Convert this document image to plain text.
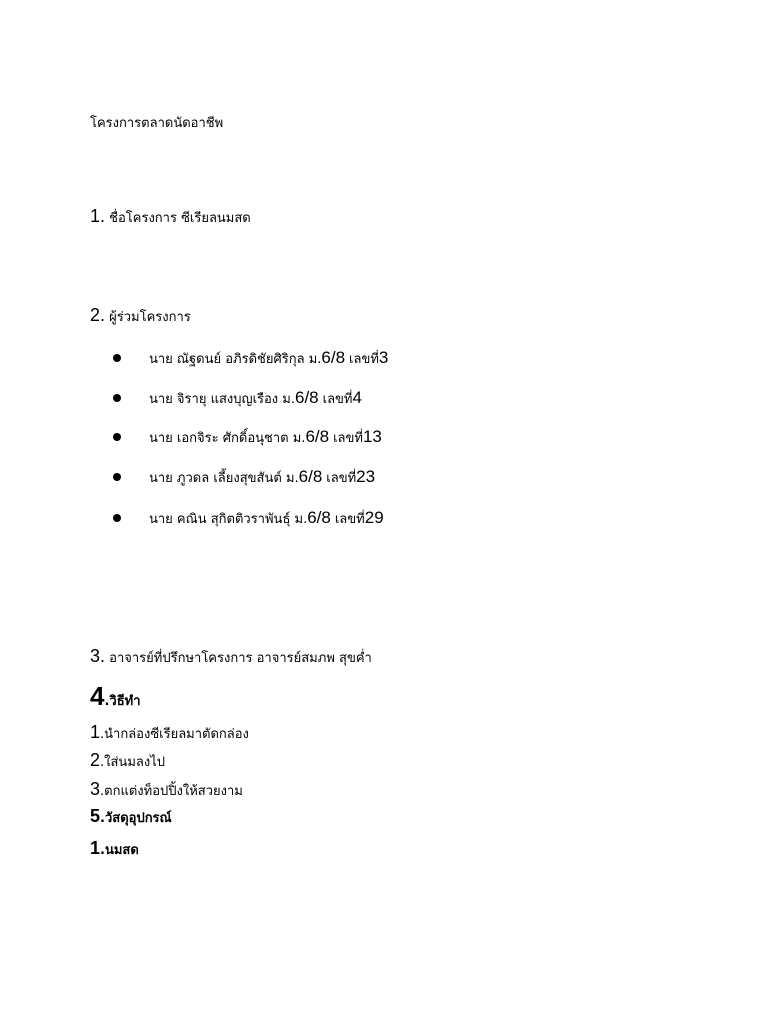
โครงการตลาดนัดอาชีพ
1. ชื่อโครงการ ซีเรียลนมสด
2. ผู้ร่วมโครงการ
นาย ณัฐดนย์ อภิรดิชัยศิริกุล ม.6/8 เลขที่3
นาย จิรายุ แสงบุญเรือง ม.6/8 เลขที่4
นาย เอกจิระ ศักดิ์อนุชาต ม.6/8 เลขที่13
นาย ภูวดล เลี้ยงสุขสันต์ ม.6/8 เลขที่23
นาย คณิน สุกิตติวราพันธุ์ ม.6/8 เลขที่29
3. อาจารย์ที่ปรึกษาโครงการ อาจารย์สมภพ สุขค่ำ
4.วิธีทำ
1.นำกล่องซีเรียลมาตัดกล่อง
2.ใส่นมลงไป
3.ตกแต่งท็อปปิ้งให้สวยงาม
5.วัสดุอุปกรณ์
1.นมสด
